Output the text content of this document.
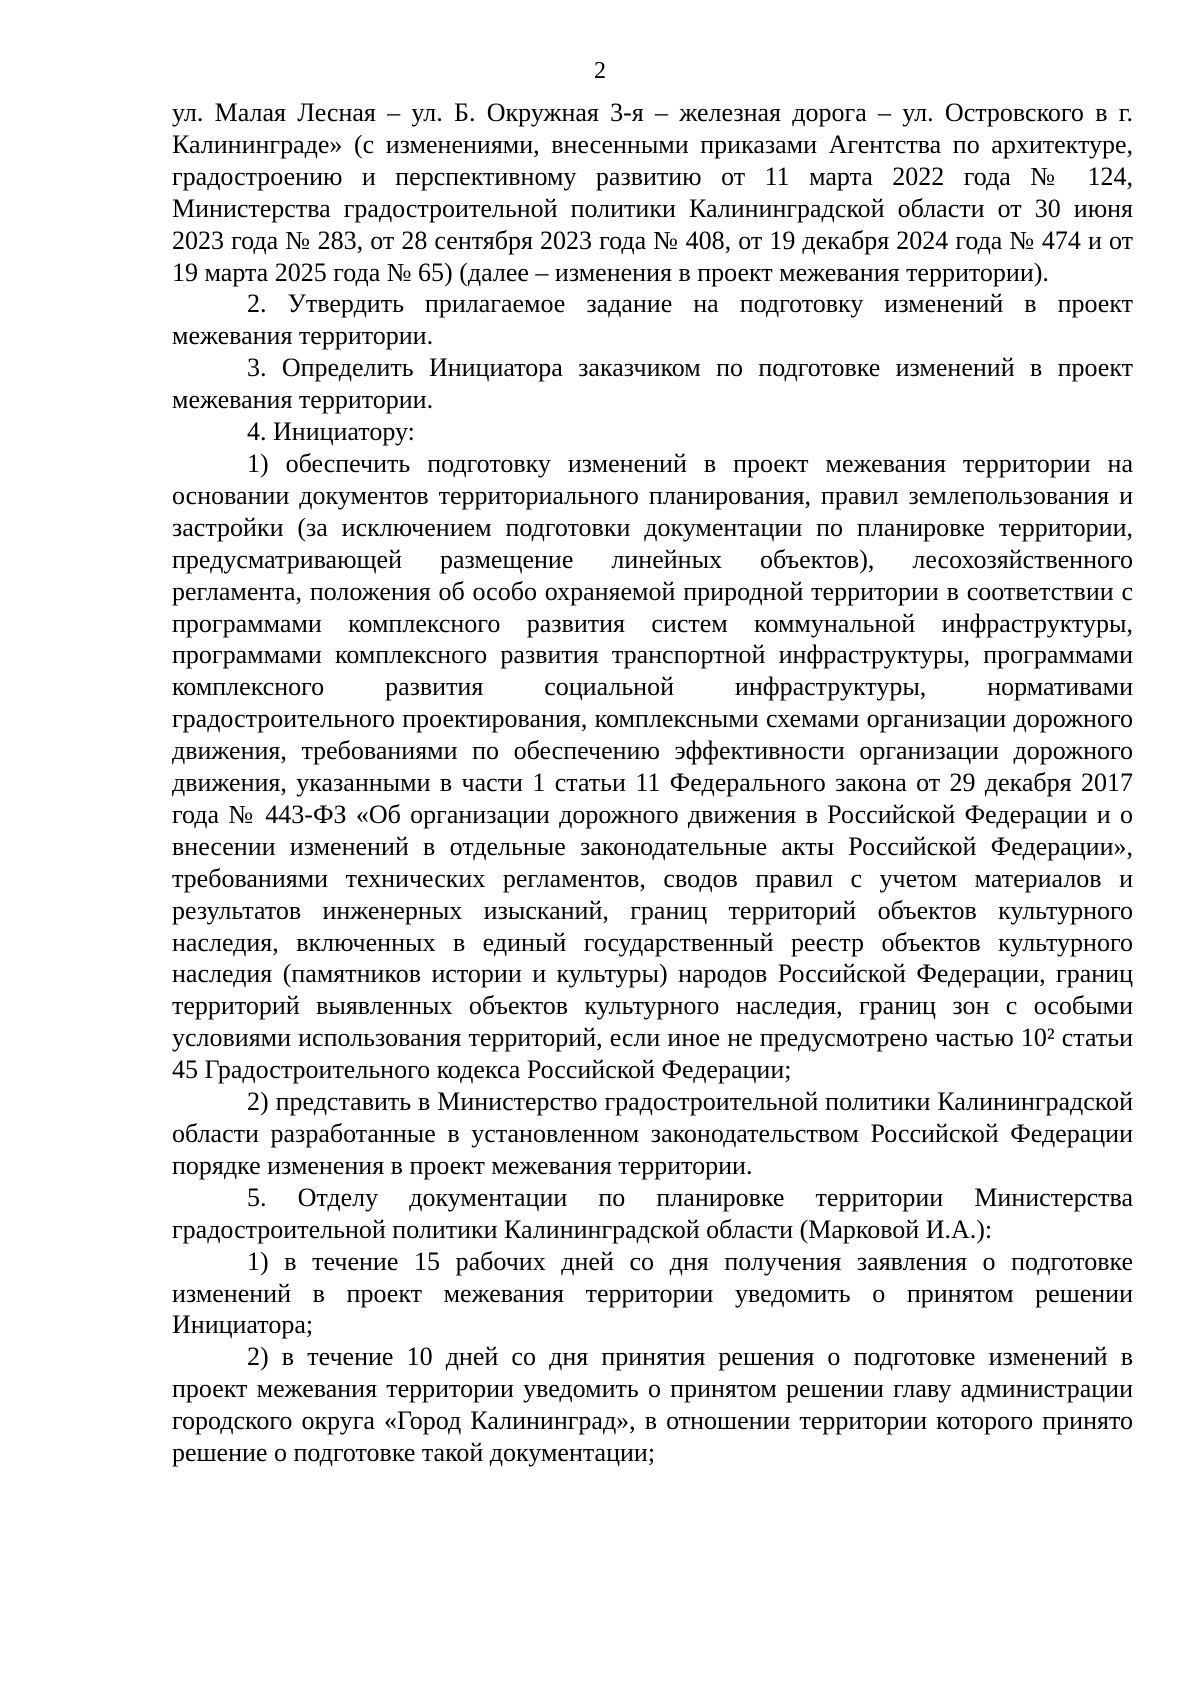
2

ул. Малая Лесная – ул. Б. Окружная 3-я – железная дорога – ул. Островского в г. Калининграде» (с изменениями, внесенными приказами Агентства по архитектуре, градостроению и перспективному развитию от 11 марта 2022 года № 124, Министерства градостроительной политики Калининградской области от 30 июня 2023 года № 283, от 28 сентября 2023 года № 408, от 19 декабря 2024 года № 474 и от 19 марта 2025 года № 65) (далее – изменения в проект межевания территории).

2. Утвердить прилагаемое задание на подготовку изменений в проект межевания территории.

3. Определить Инициатора заказчиком по подготовке изменений в проект межевания территории.

4. Инициатору:

1) обеспечить подготовку изменений в проект межевания территории на основании документов территориального планирования, правил землепользования и застройки (за исключением подготовки документации по планировке территории, предусматривающей размещение линейных объектов), лесохозяйственного регламента, положения об особо охраняемой природной территории в соответствии с программами комплексного развития систем коммунальной инфраструктуры, программами комплексного развития транспортной инфраструктуры, программами комплексного развития социальной инфраструктуры, нормативами градостроительного проектирования, комплексными схемами организации дорожного движения, требованиями по обеспечению эффективности организации дорожного движения, указанными в части 1 статьи 11 Федерального закона от 29 декабря 2017 года № 443-ФЗ «Об организации дорожного движения в Российской Федерации и о внесении изменений в отдельные законодательные акты Российской Федерации», требованиями технических регламентов, сводов правил с учетом материалов и результатов инженерных изысканий, границ территорий объектов культурного наследия, включенных в единый государственный реестр объектов культурного наследия (памятников истории и культуры) народов Российской Федерации, границ территорий выявленных объектов культурного наследия, границ зон с особыми условиями использования территорий, если иное не предусмотрено частью 10² статьи 45 Градостроительного кодекса Российской Федерации;

2) представить в Министерство градостроительной политики Калининградской области разработанные в установленном законодательством Российской Федерации порядке изменения в проект межевания территории.

5. Отделу документации по планировке территории Министерства градостроительной политики Калининградской области (Марковой И.А.):

1) в течение 15 рабочих дней со дня получения заявления о подготовке изменений в проект межевания территории уведомить о принятом решении Инициатора;

2) в течение 10 дней со дня принятия решения о подготовке изменений в проект межевания территории уведомить о принятом решении главу администрации городского округа «Город Калининград», в отношении территории которого принято решение о подготовке такой документации;
